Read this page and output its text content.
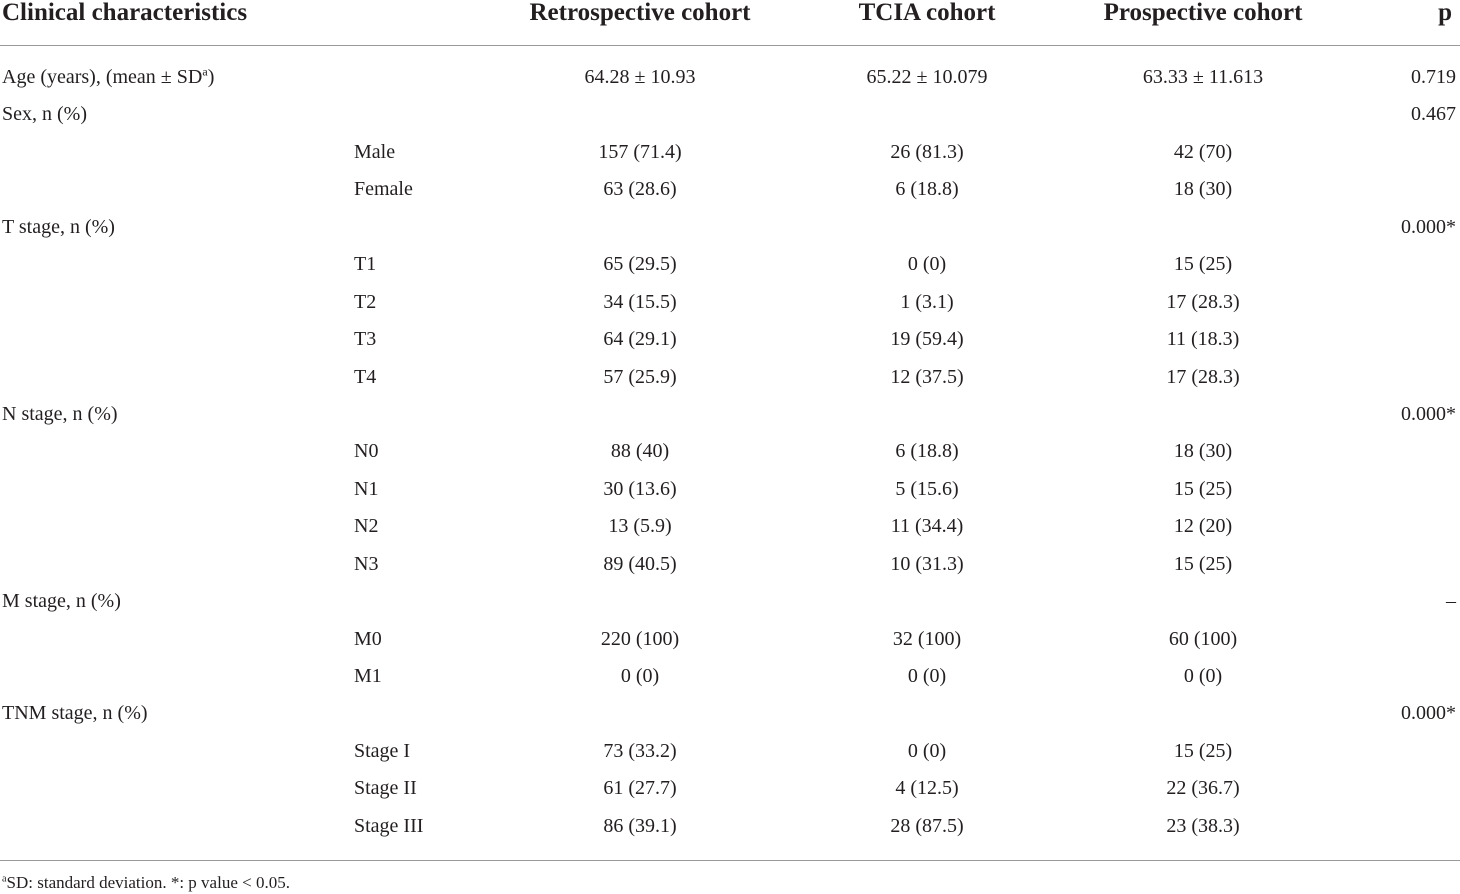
Clinical characteristics	Retrospective cohort	TCIA cohort	Prospective cohort	p
Age (years), (mean ± $SD^a$)	64.28 ± 10.93	65.22 ± 10.079	63.33 ± 11.613	0.719
Sex, n (%)	0.467
Male	157 (71.4)	26 (81.3)	42 (70)
Female	63 (28.6)	6 (18.8)	18 (30)
T stage, n (%)	0.000*
T1	65 (29.5)	0 (0)	15 (25)
T2	34 (15.5)	1 (3.1)	17 (28.3)
T3	64 (29.1)	19 (59.4)	11 (18.3)
T4	57 (25.9)	12 (37.5)	17 (28.3)
N stage, n (%)	0.000*
N0	88 (40)	6 (18.8)	18 (30)
N1	30 (13.6)	5 (15.6)	15 (25)
N2	13 (5.9)	11 (34.4)	12 (20)
N3	89 (40.5)	10 (31.3)	15 (25)
M stage, n (%)	–
M0	220 (100)	32 (100)	60 (100)
M1	0 (0)	0 (0)	0 (0)
TNM stage, n (%)	0.000*
Stage I	73 (33.2)	0 (0)	15 (25)
Stage II	61 (27.7)	4 (12.5)	22 (36.7)
Stage III	86 (39.1)	28 (87.5)	23 (38.3)
$^a$SD: standard deviation. *: p value < 0.05.
